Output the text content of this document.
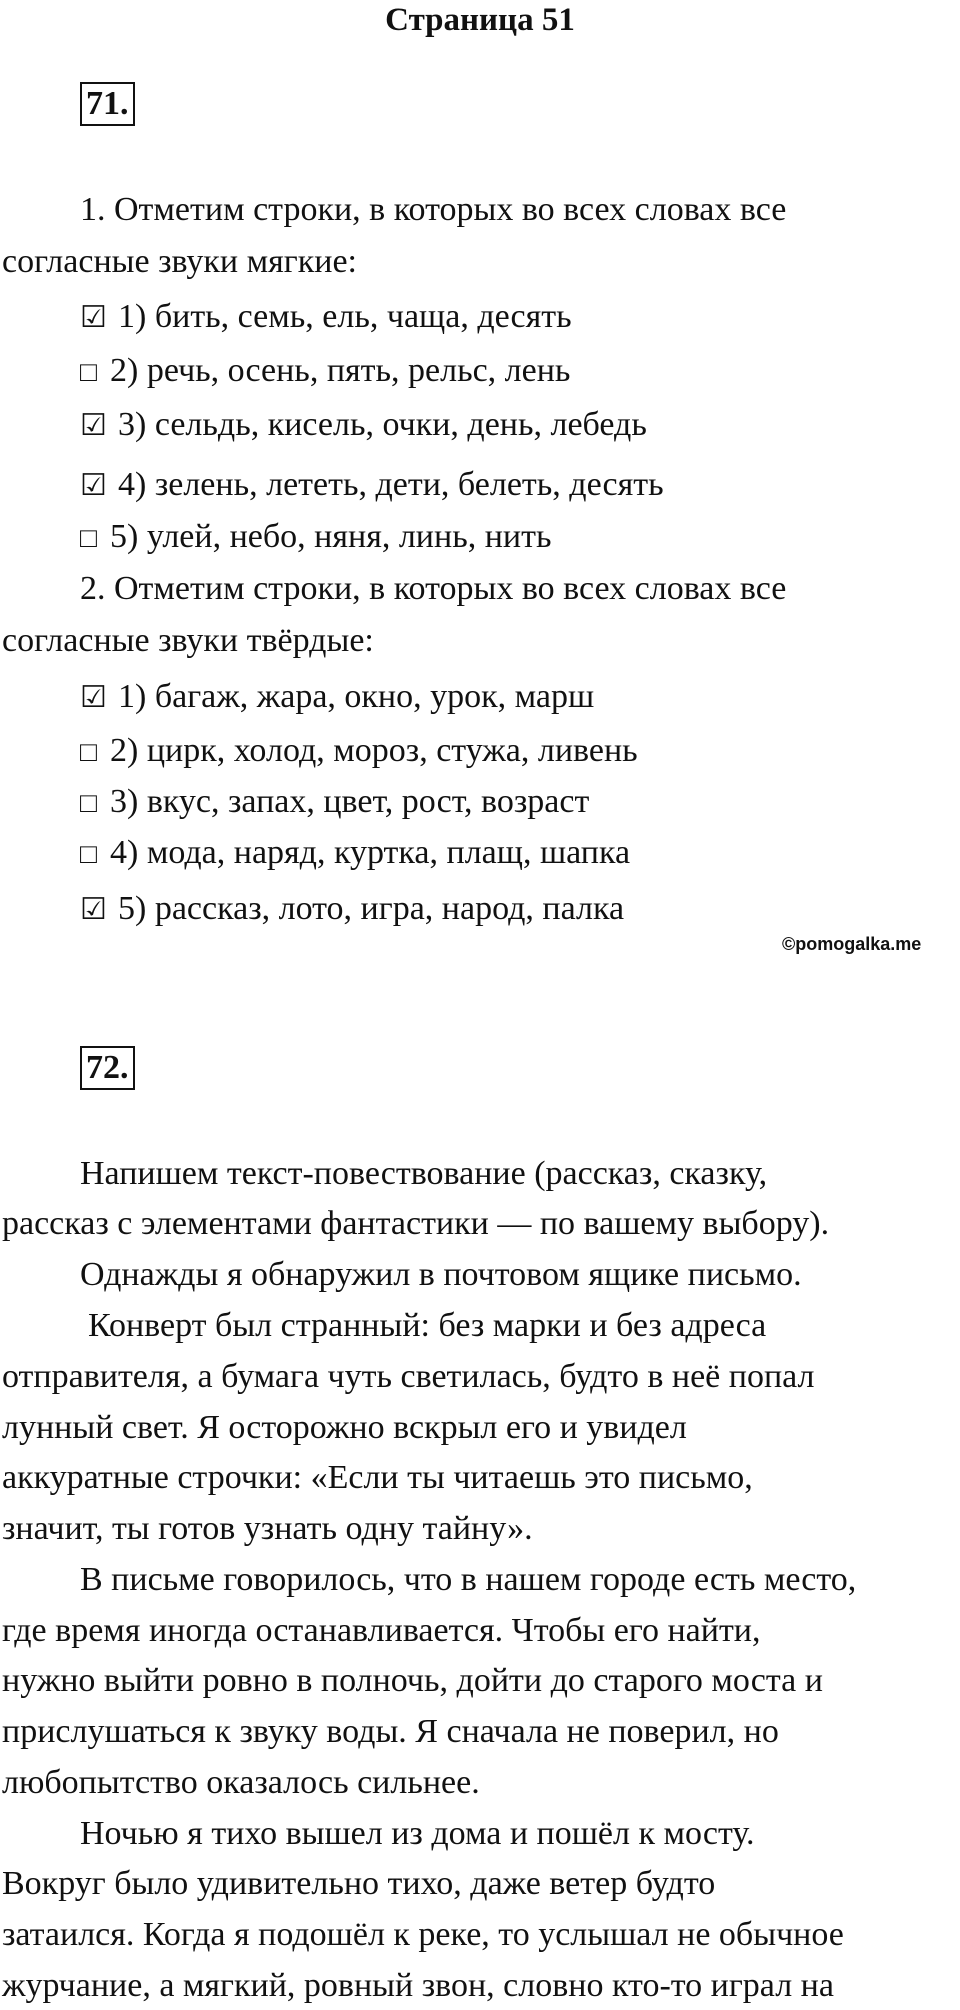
Страница 51
71.
1. Отметим строки, в которых во всех словах все
согласные звуки мягкие:
☑ 1) бить, семь, ель, чаща, десять
□ 2) речь, осень, пять, рельс, лень
☑ 3) сельдь, кисель, очки, день, лебедь
☑ 4) зелень, лететь, дети, белеть, десять
□ 5) улей, небо, няня, линь, нить
2. Отметим строки, в которых во всех словах все
согласные звуки твёрдые:
☑ 1) багаж, жара, окно, урок, марш
□ 2) цирк, холод, мороз, стужа, ливень
□ 3) вкус, запах, цвет, рост, возраст
□ 4) мода, наряд, куртка, плащ, шапка
☑ 5) рассказ, лото, игра, народ, палка
©pomogalka.me
72.
Напишем текст-повествование (рассказ, сказку,
рассказ с элементами фантастики — по вашему выбору).
Однажды я обнаружил в почтовом ящике письмо.
Конверт был странный: без марки и без адреса
отправителя, а бумага чуть светилась, будто в неё попал
лунный свет. Я осторожно вскрыл его и увидел
аккуратные строчки: «Если ты читаешь это письмо,
значит, ты готов узнать одну тайну».
В письме говорилось, что в нашем городе есть место,
где время иногда останавливается. Чтобы его найти,
нужно выйти ровно в полночь, дойти до старого моста и
прислушаться к звуку воды. Я сначала не поверил, но
любопытство оказалось сильнее.
Ночью я тихо вышел из дома и пошёл к мосту.
Вокруг было удивительно тихо, даже ветер будто
затаился. Когда я подошёл к реке, то услышал не обычное
журчание, а мягкий, ровный звон, словно кто-то играл на
